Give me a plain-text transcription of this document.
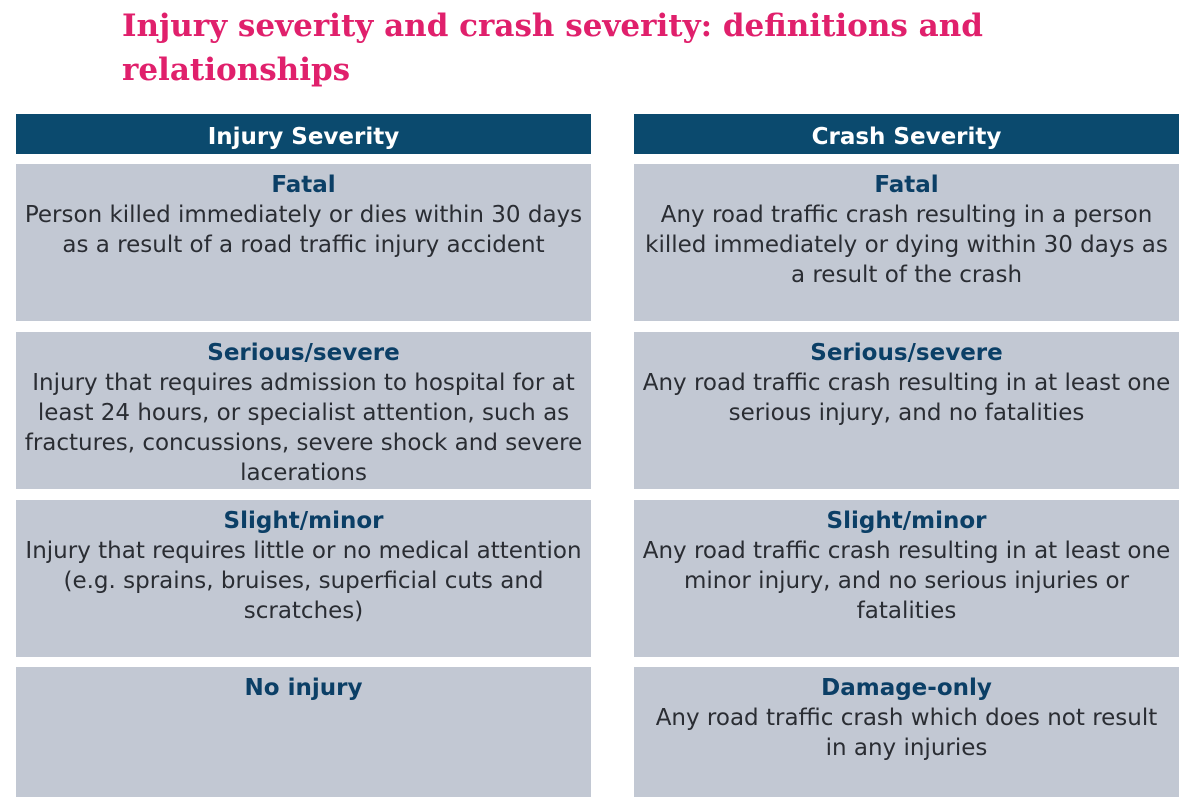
Injury severity and crash severity: definitions and relationships
Injury Severity
Fatal
Person killed immediately or dies within 30 days as a result of a road traffic injury accident
Serious/severe
Injury that requires admission to hospital for at least 24 hours, or specialist attention, such as fractures, concussions, severe shock and severe lacerations
Slight/minor
Injury that requires little or no medical attention (e.g. sprains, bruises, superficial cuts and scratches)
No injury
Crash Severity
Fatal
Any road traffic crash resulting in a person killed immediately or dying within 30 days as a result of the crash
Serious/severe
Any road traffic crash resulting in at least one serious injury, and no fatalities
Slight/minor
Any road traffic crash resulting in at least one minor injury, and no serious injuries or fatalities
Damage-only
Any road traffic crash which does not result in any injuries
